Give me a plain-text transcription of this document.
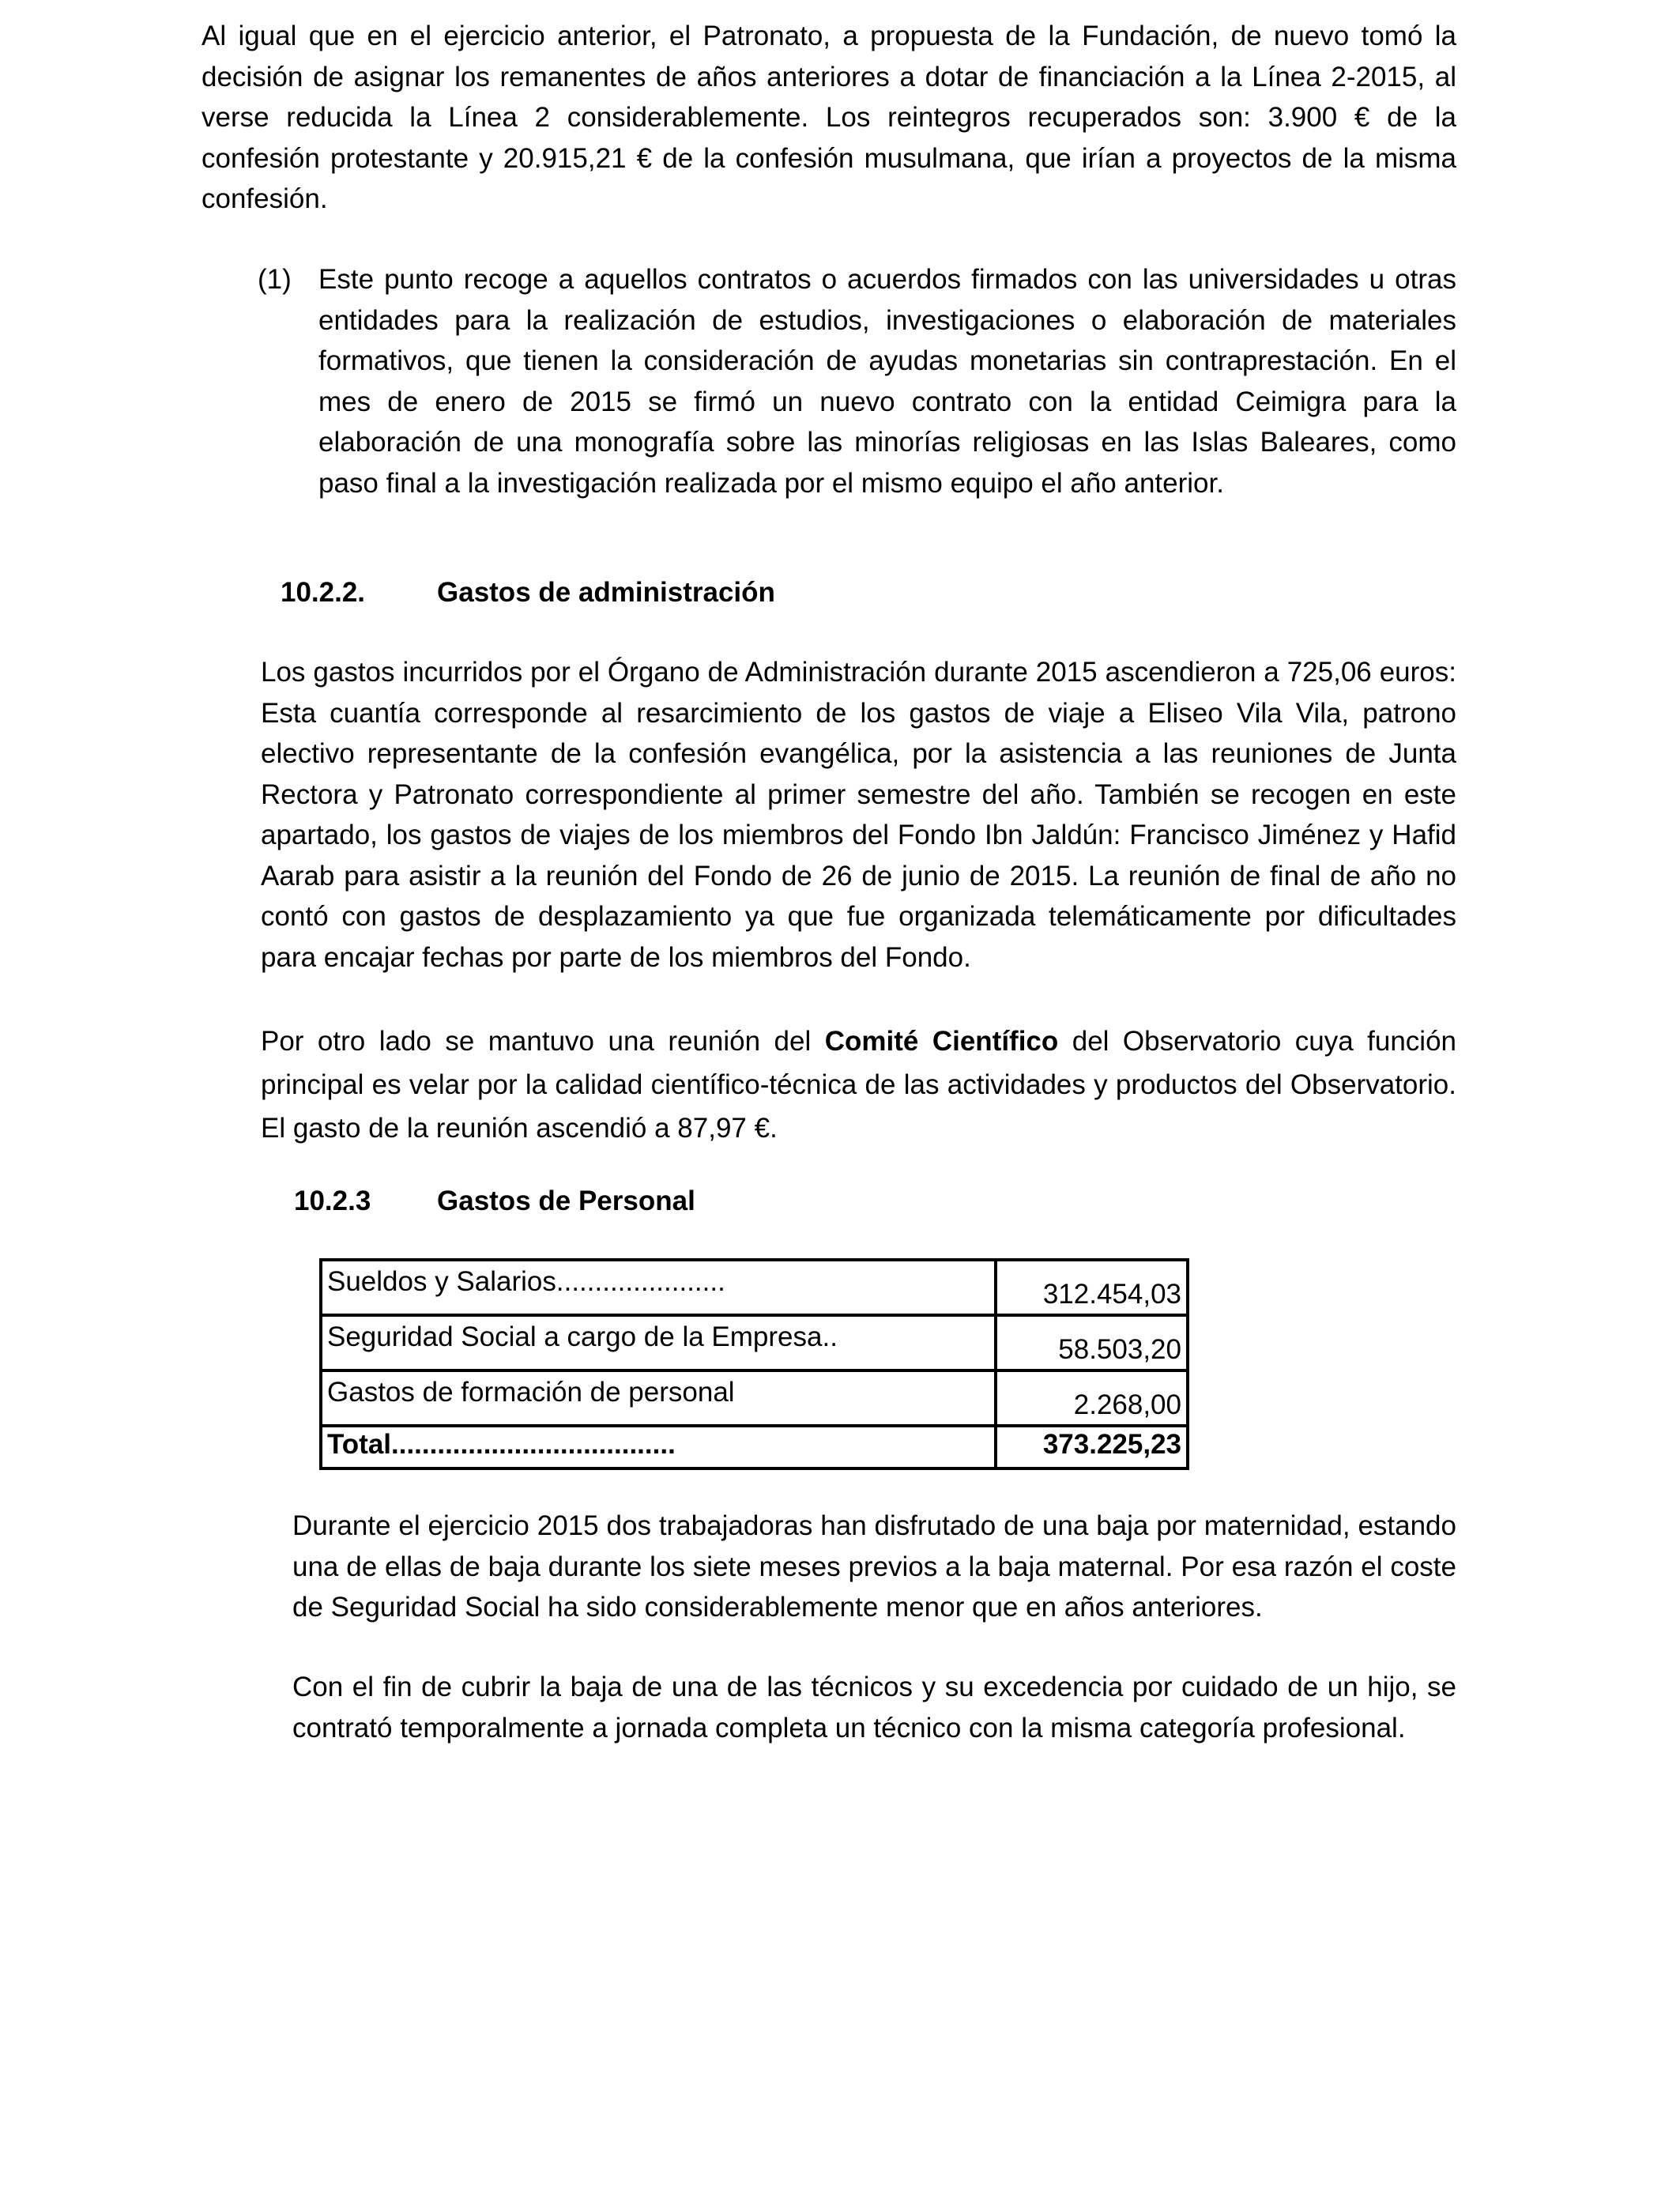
Al igual que en el ejercicio anterior, el Patronato, a propuesta de la Fundación, de nuevo tomó la decisión de asignar los remanentes de años anteriores a dotar de financiación a la Línea 2-2015, al verse reducida la Línea 2 considerablemente. Los reintegros recuperados son: 3.900 € de la confesión protestante y 20.915,21 € de la confesión musulmana, que irían a proyectos de la misma confesión.

(1) Este punto recoge a aquellos contratos o acuerdos firmados con las universidades u otras entidades para la realización de estudios, investigaciones o elaboración de materiales formativos, que tienen la consideración de ayudas monetarias sin contraprestación. En el mes de enero de 2015 se firmó un nuevo contrato con la entidad Ceimigra para la elaboración de una monografía sobre las minorías religiosas en las Islas Baleares, como paso final a la investigación realizada por el mismo equipo el año anterior.

10.2.2.	Gastos de administración

Los gastos incurridos por el Órgano de Administración durante 2015 ascendieron a 725,06 euros: Esta cuantía corresponde al resarcimiento de los gastos de viaje a Eliseo Vila Vila, patrono electivo representante de la confesión evangélica, por la asistencia a las reuniones de Junta Rectora y Patronato correspondiente al primer semestre del año. También se recogen en este apartado, los gastos de viajes de los miembros del Fondo Ibn Jaldún: Francisco Jiménez y Hafid Aarab para asistir a la reunión del Fondo de 26 de junio de 2015. La reunión de final de año no contó con gastos de desplazamiento ya que fue organizada telemáticamente por dificultades para encajar fechas por parte de los miembros del Fondo.

Por otro lado se mantuvo una reunión del Comité Científico del Observatorio cuya función principal es velar por la calidad científico-técnica de las actividades y productos del Observatorio. El gasto de la reunión ascendió a 87,97 €.

10.2.3 Gastos de Personal
Sueldos y Salarios......................	312.454,03
Seguridad Social a cargo de la Empresa..	58.503,20
Gastos de formación de personal	2.268,00
Total.....................................	373.225,23

Durante el ejercicio 2015 dos trabajadoras han disfrutado de una baja por maternidad, estando una de ellas de baja durante los siete meses previos a la baja maternal. Por esa razón el coste de Seguridad Social ha sido considerablemente menor que en años anteriores.

Con el fin de cubrir la baja de una de las técnicos y su excedencia por cuidado de un hijo, se contrató temporalmente a jornada completa un técnico con la misma categoría profesional.
